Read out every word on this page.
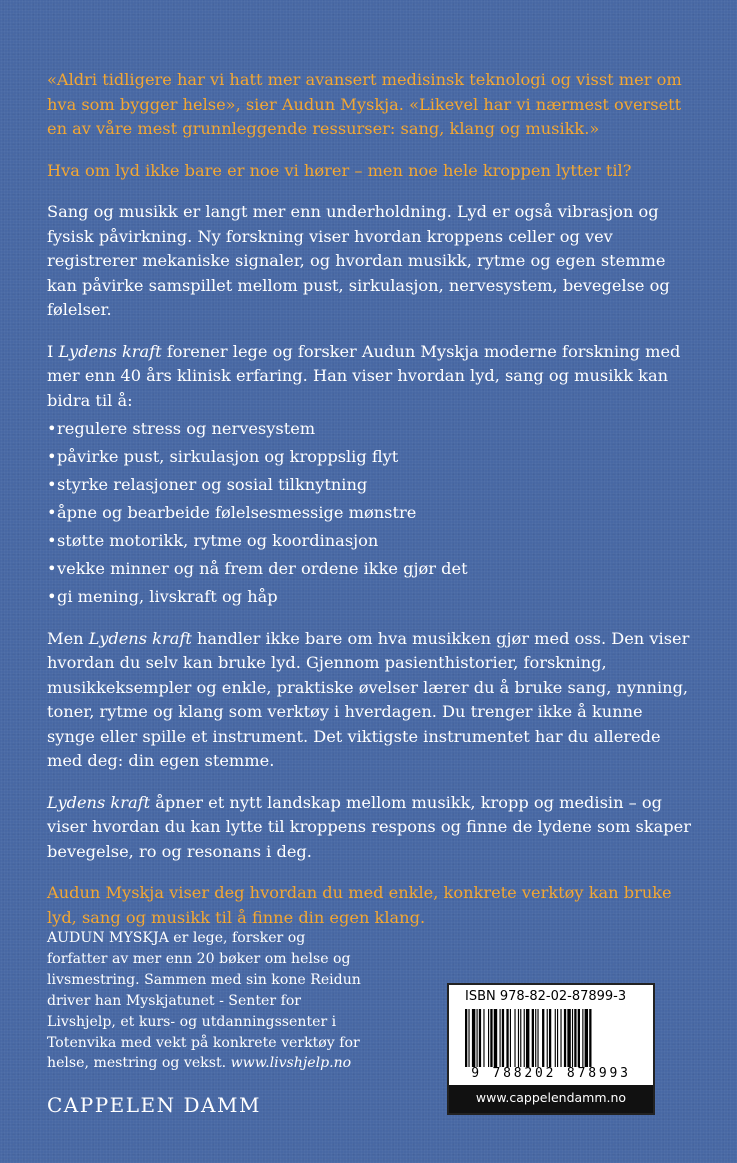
«Aldri tidligere har vi hatt mer avansert medisinsk teknologi og visst mer om hva som bygger helse», sier Audun Myskja. «Likevel har vi nærmest oversett en av våre mest grunnleggende ressurser: sang, klang og musikk.»

Hva om lyd ikke bare er noe vi hører – men noe hele kroppen lytter til?

Sang og musikk er langt mer enn underholdning. Lyd er også vibrasjon og fysisk påvirkning. Ny forskning viser hvordan kroppens celler og vev registrerer mekaniske signaler, og hvordan musikk, rytme og egen stemme kan påvirke samspillet mellom pust, sirkulasjon, nervesystem, bevegelse og følelser.

I Lydens kraft forener lege og forsker Audun Myskja moderne forskning med mer enn 40 års klinisk erfaring. Han viser hvordan lyd, sang og musikk kan bidra til å:

•regulere stress og nervesystem
•påvirke pust, sirkulasjon og kroppslig flyt
•styrke relasjoner og sosial tilknytning
•åpne og bearbeide følelsesmessige mønstre
•støtte motorikk, rytme og koordinasjon
•vekke minner og nå frem der ordene ikke gjør det
•gi mening, livskraft og håp

Men Lydens kraft handler ikke bare om hva musikken gjør med oss. Den viser hvordan du selv kan bruke lyd. Gjennom pasienthistorier, forskning, musikkeksempler og enkle, praktiske øvelser lærer du å bruke sang, nynning, toner, rytme og klang som verktøy i hverdagen. Du trenger ikke å kunne synge eller spille et instrument. Det viktigste instrumentet har du allerede med deg: din egen stemme.

Lydens kraft åpner et nytt landskap mellom musikk, kropp og medisin – og viser hvordan du kan lytte til kroppens respons og finne de lydene som skaper bevegelse, ro og resonans i deg.

Audun Myskja viser deg hvordan du med enkle, konkrete verktøy kan bruke lyd, sang og musikk til å finne din egen klang.

AUDUN MYSKJA er lege, forsker og forfatter av mer enn 20 bøker om helse og livsmestring. Sammen med sin kone Reidun driver han Myskjatunet - Senter for Livshjelp, et kurs- og utdanningssenter i Totenvika med vekt på konkrete verktøy for helse, mestring og vekst. www.livshjelp.no
CAPPELEN DAMM
ISBN 978-82-02-87899-3
9 788202 878993
www.cappelendamm.no
